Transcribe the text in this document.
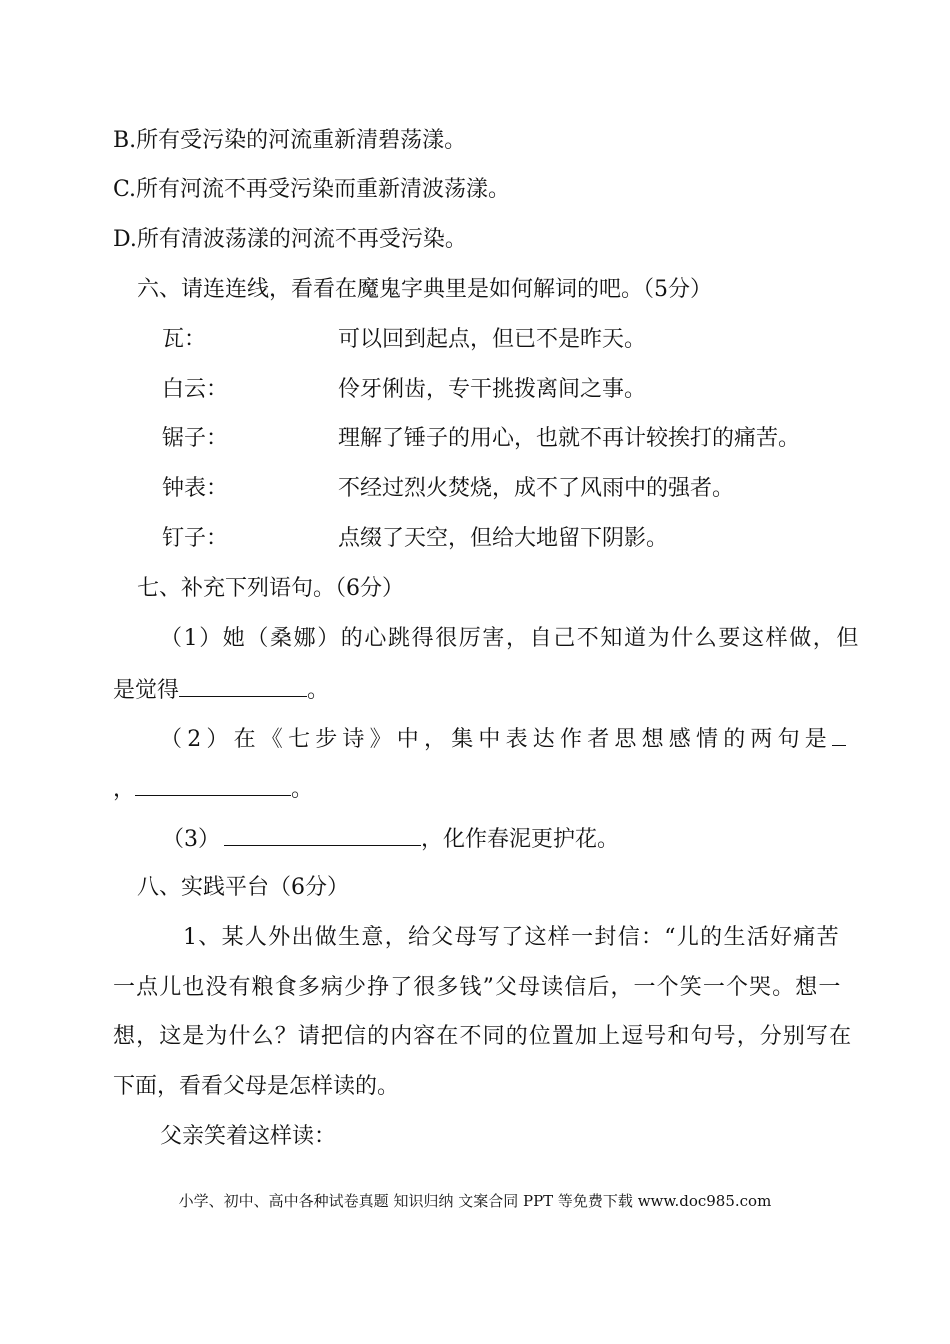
B.所有受污染的河流重新清碧荡漾。
C.所有河流不再受污染而重新清波荡漾。
D.所有清波荡漾的河流不再受污染。
六、请连连线，看看在魔鬼字典里是如何解词的吧。（5分）
瓦：	可以回到起点，但已不是昨天。
白云：	伶牙俐齿，专干挑拨离间之事。
锯子：	理解了锤子的用心，也就不再计较挨打的痛苦。
钟表：	不经过烈火焚烧，成不了风雨中的强者。
钉子：	点缀了天空，但给大地留下阴影。
七、补充下列语句。（6分）
（1）她（桑娜）的心跳得很厉害，自己不知道为什么要这样做，但
是觉得	。
（2）在《七步诗》中，集中表达作者思想感情的两句是
，	。
（3）	，化作春泥更护花。
八、实践平台（6分）
1、某人外出做生意，给父母写了这样一封信：“儿的生活好痛苦
一点儿也没有粮食多病少挣了很多钱”父母读信后，一个笑一个哭。想一
想，这是为什么？请把信的内容在不同的位置加上逗号和句号，分别写在
下面，看看父母是怎样读的。
父亲笑着这样读：
小学、初中、高中各种试卷真题 知识归纳 文案合同 PPT 等免费下载 www.doc985.com
